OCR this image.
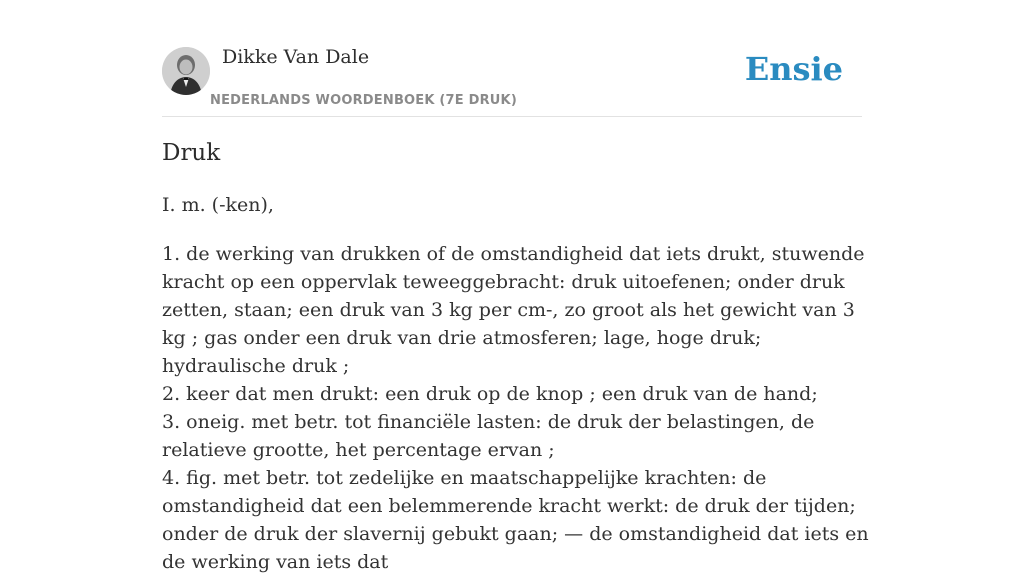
Dikke Van Dale
NEDERLANDS WOORDENBOEK (7E DRUK)
Ensie
Druk
I. m. (-ken),
1. de werking van drukken of de omstandigheid dat iets drukt, stuwende kracht op een oppervlak teweeggebracht: druk uitoefenen; onder druk zetten, staan; een druk van 3 kg per cm-, zo groot als het gewicht van 3 kg ; gas onder een druk van drie atmosferen; lage, hoge druk; hydraulische druk ;
2. keer dat men drukt: een druk op de knop ; een druk van de hand;
3. oneig. met betr. tot financiële lasten: de druk der belastingen, de relatieve grootte, het percentage ervan ;
4. fig. met betr. tot zedelijke en maatschappelijke krachten: de omstandigheid dat een belemmerende kracht werkt: de druk der tijden; onder de druk der slavernij gebukt gaan; — de omstandigheid dat iets en de werking van iets dat
